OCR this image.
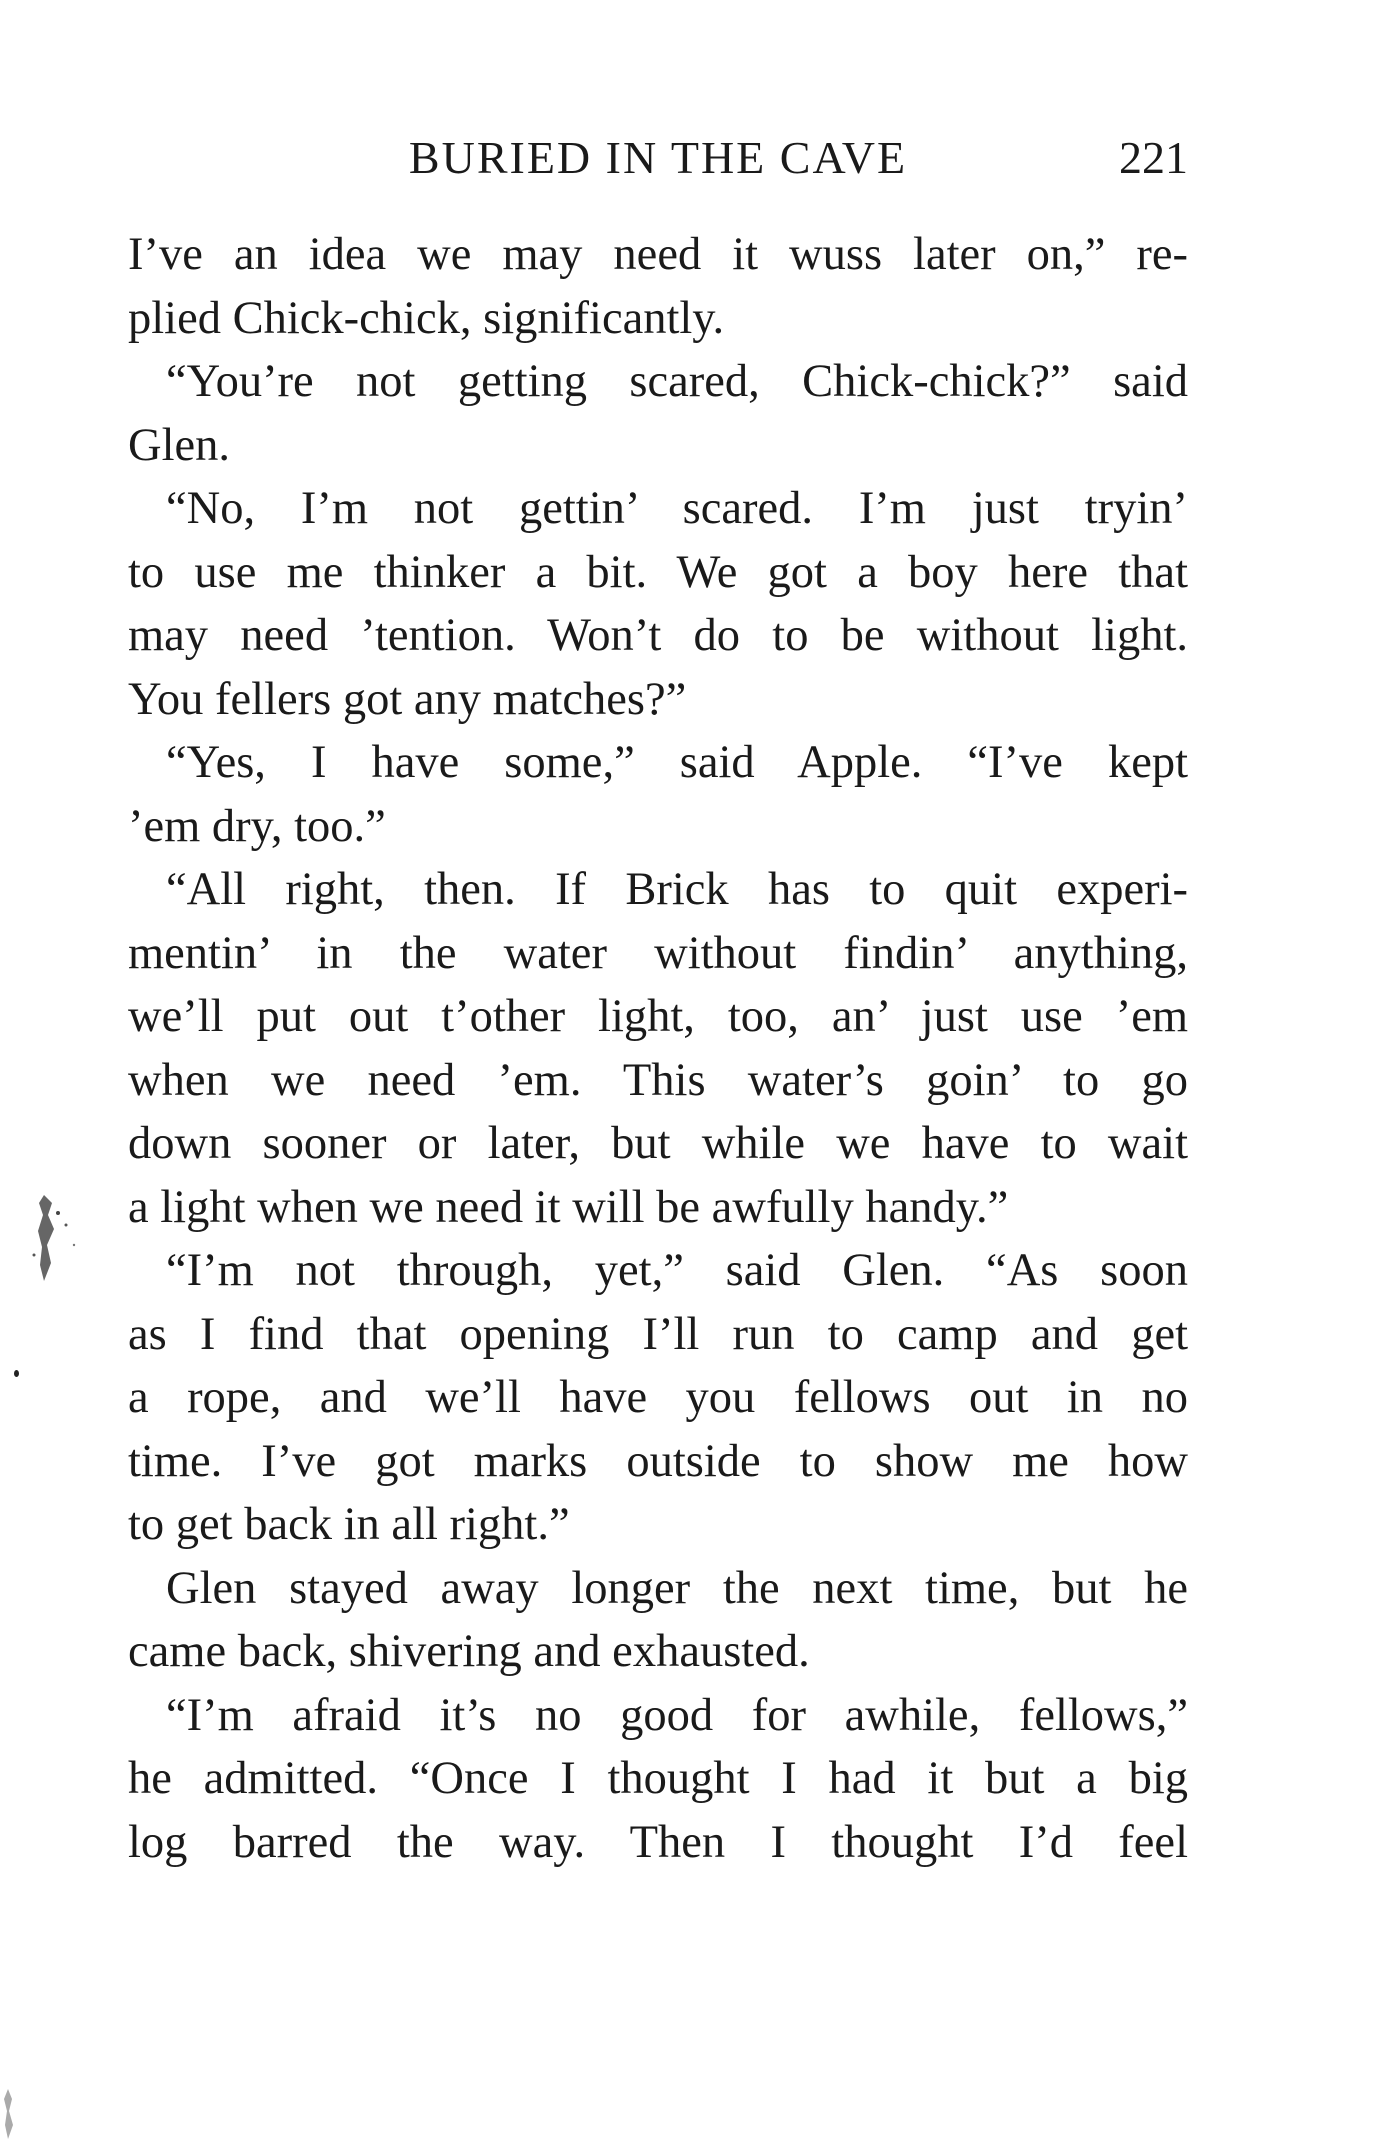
BURIED IN THE CAVE	221
I’ve an idea we may need it wuss later on,” re-
plied Chick-chick, significantly.
“You’re not getting scared, Chick-chick?” said
Glen.
“No, I’m not gettin’ scared. I’m just tryin’
to use me thinker a bit. We got a boy here that
may need ’tention. Won’t do to be without light.
You fellers got any matches?”
“Yes, I have some,” said Apple. “I’ve kept
’em dry, too.”
“All right, then. If Brick has to quit experi-
mentin’ in the water without findin’ anything,
we’ll put out t’other light, too, an’ just use ’em
when we need ’em. This water’s goin’ to go
down sooner or later, but while we have to wait
a light when we need it will be awfully handy.”
“I’m not through, yet,” said Glen. “As soon
as I find that opening I’ll run to camp and get
a rope, and we’ll have you fellows out in no
time. I’ve got marks outside to show me how
to get back in all right.”
Glen stayed away longer the next time, but he
came back, shivering and exhausted.
“I’m afraid it’s no good for awhile, fellows,”
he admitted. “Once I thought I had it but a big
log barred the way. Then I thought I’d feel
